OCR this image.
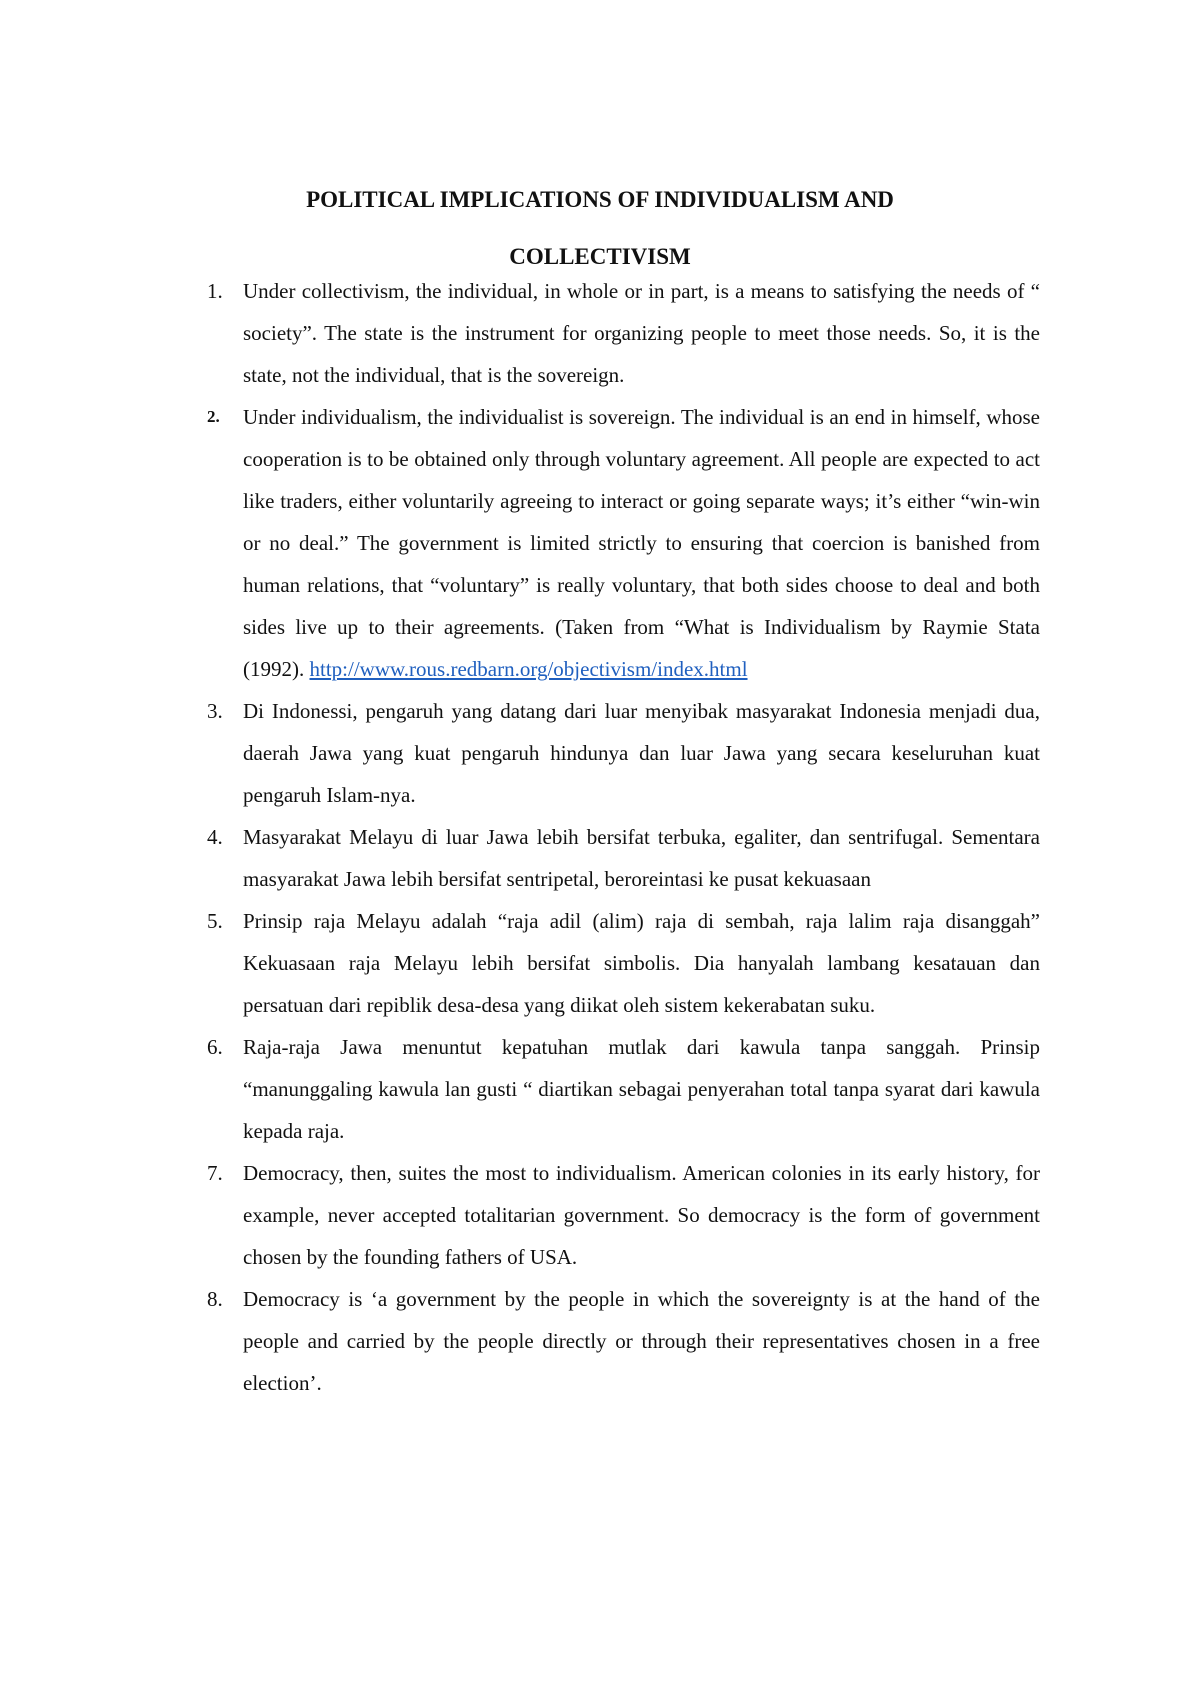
POLITICAL IMPLICATIONS OF INDIVIDUALISM AND
COLLECTIVISM
1. Under collectivism, the individual, in whole or in part, is a means to satisfying the needs of “ society”. The state is the instrument for organizing people to meet those needs. So, it is the state, not the individual, that is the sovereign.
2. Under individualism, the individualist is sovereign. The individual is an end in himself, whose cooperation is to be obtained only through voluntary agreement. All people are expected to act like traders, either voluntarily agreeing to interact or going separate ways; it’s either “win-win or no deal.” The government is limited strictly to ensuring that coercion is banished from human relations, that “voluntary” is really voluntary, that both sides choose to deal and both sides live up to their agreements. (Taken from “What is Individualism by Raymie Stata (1992). http://www.rous.redbarn.org/objectivism/index.html
3. Di Indonessi, pengaruh yang datang dari luar menyibak masyarakat Indonesia menjadi dua, daerah Jawa yang kuat pengaruh hindunya dan luar Jawa yang secara keseluruhan kuat pengaruh Islam-nya.
4. Masyarakat Melayu di luar Jawa lebih bersifat terbuka, egaliter, dan sentrifugal. Sementara masyarakat Jawa lebih bersifat sentripetal, beroreintasi ke pusat kekuasaan
5. Prinsip raja Melayu adalah “raja adil (alim) raja di sembah, raja lalim raja disanggah” Kekuasaan raja Melayu lebih bersifat simbolis. Dia hanyalah lambang kesatauan dan persatuan dari repiblik desa-desa yang diikat oleh sistem kekerabatan suku.
6. Raja-raja Jawa menuntut kepatuhan mutlak dari kawula tanpa sanggah. Prinsip “manunggaling kawula lan gusti “ diartikan sebagai penyerahan total tanpa syarat dari kawula kepada raja.
7. Democracy, then, suites the most to individualism. American colonies in its early history, for example, never accepted totalitarian government. So democracy is the form of government chosen by the founding fathers of USA.
8. Democracy is ‘a government by the people in which the sovereignty is at the hand of the people and carried by the people directly or through their representatives chosen in a free election’.
